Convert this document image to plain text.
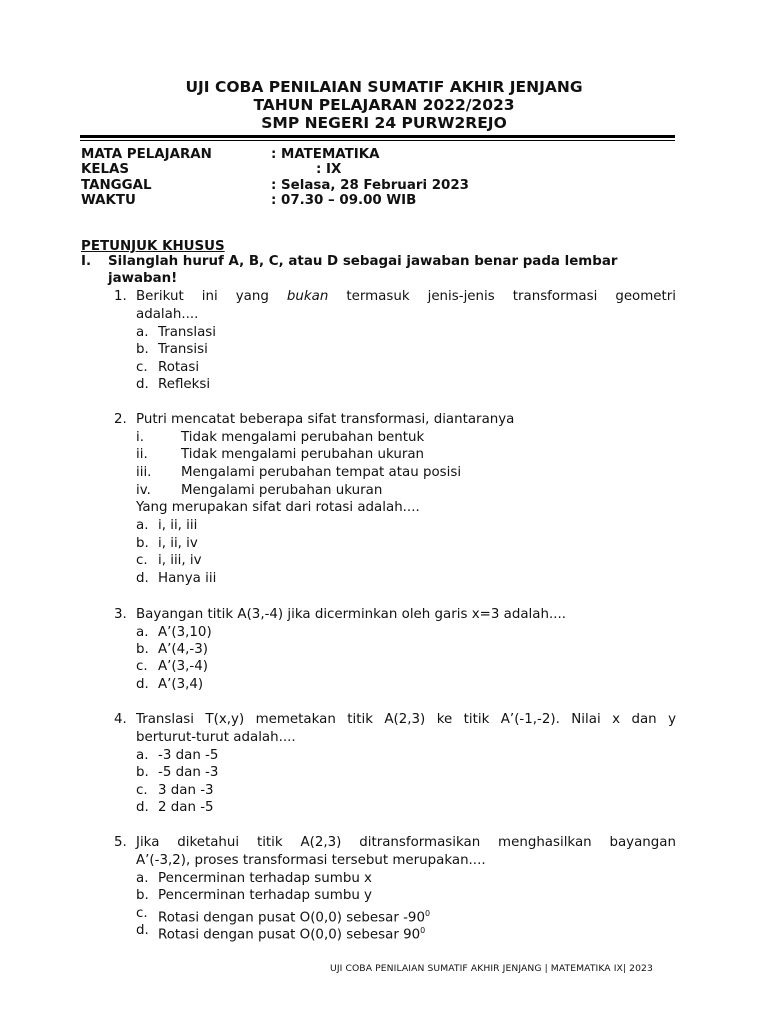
UJI COBA PENILAIAN SUMATIF AKHIR JENJANG
TAHUN PELAJARAN 2022/2023
SMP NEGERI 24 PURW2REJO
MATA PELAJARAN	: MATEMATIKA
KELAS	: IX
TANGGAL	: Selasa, 28 Februari 2023
WAKTU	: 07.30 – 09.00 WIB
PETUNJUK KHUSUS
I. Silanglah huruf A, B, C, atau D sebagai jawaban benar pada lembar
jawaban!
1. Berikut ini yang bukan termasuk jenis-jenis transformasi geometri
adalah....
a. Translasi
b. Transisi
c. Rotasi
d. Refleksi
2. Putri mencatat beberapa sifat transformasi, diantaranya
i.	Tidak mengalami perubahan bentuk
ii. Tidak mengalami perubahan ukuran
iii. Mengalami perubahan tempat atau posisi
iv. Mengalami perubahan ukuran
Yang merupakan sifat dari rotasi adalah....
a. i, ii, iii
b. i, ii, iv
c. i, iii, iv
d. Hanya iii
3. Bayangan titik A(3,-4) jika dicerminkan oleh garis x=3 adalah....
a. A’(3,10)
b. A’(4,-3)
c. A’(3,-4)
d. A’(3,4)
4. Translasi T(x,y) memetakan titik A(2,3) ke titik A’(-1,-2). Nilai x dan y
berturut-turut adalah....
a. -3 dan -5
b. -5 dan -3
c. 3 dan -3
d. 2 dan -5
5. Jika diketahui titik A(2,3) ditransformasikan menghasilkan bayangan
A’(-3,2), proses transformasi tersebut merupakan....
a. Pencerminan terhadap sumbu x
b. Pencerminan terhadap sumbu y
c. Rotasi dengan pusat O(0,0) sebesar $-90^0$
d. Rotasi dengan pusat O(0,0) sebesar $90^0$
UJI COBA PENILAIAN SUMATIF AKHIR JENJANG | MATEMATIKA IX| 2023
